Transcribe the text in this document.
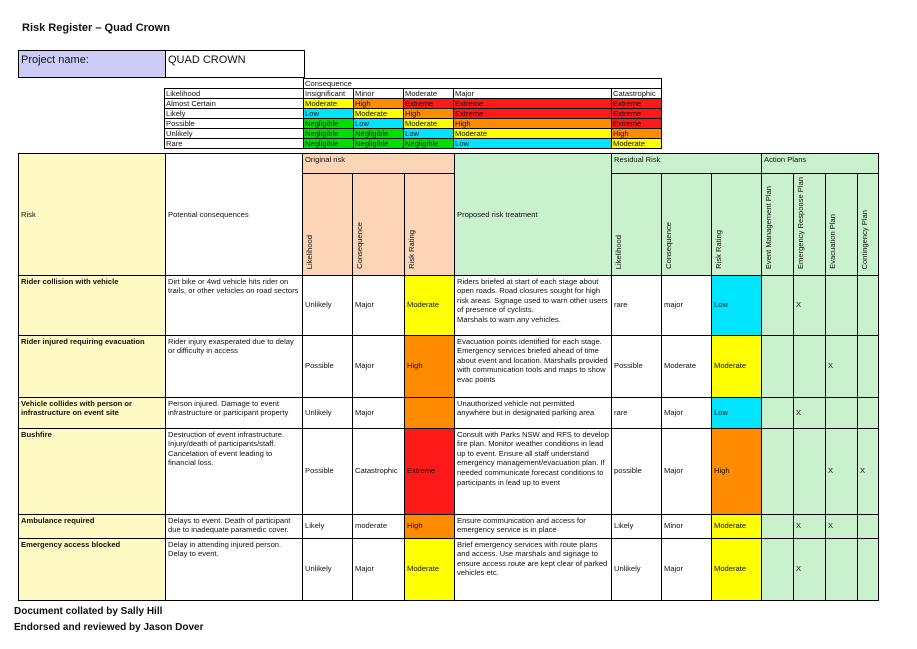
Risk Register – Quad Crown
Project name:	QUAD CROWN
	Consequence				
Likelihood	Insignificant	Minor	Moderate	Major	Catastrophic
Almost Certain	Moderate	High	Extreme	Extreme	Extreme
Likely	Low	Moderate	High	Extreme	Extreme
Possible	Negligible	Low	Moderate	High	Extreme
Unlikely	Negligible	Negligible	Low	Moderate	High
Rare	Negligible	Negligible	Negligible	Low	Moderate
Risk	Potential consequences	Original risk			Proposed risk treatment	Residual Risk			Action Plans			
		Likelihood	Consequence	Risk Rating		Likelihood	Consequence	Risk Rating	Event Management Plan	Emergency Response Plan	Evacuation Plan	Contingency Plan
Rider collision with vehicle	Dirt bike or 4wd vehicle hits rider on trails, or other vehicles on road sectors	Unlikely	Major	Moderate	Riders briefed at start of each stage about open roads. Road closures sought for high risk areas. Signage used to warn other users of presence of cyclists.
Marshals to warn any vehicles.	rare	major	Low		X		
Rider injured requiring evacuation	Rider injury exasperated due to delay or difficulty in access	Possible	Major	High	Evacuation points identified for each stage. Emergency services briefed ahead of time about event and location. Marshalls provided with communication tools and maps to show evac points	Possible	Moderate	Moderate			X	
Vehicle collides with person or infrastructure on event site	Person injured. Damage to event infrastructure or participant property	Unlikely	Major	High	Unauthorized vehicle not permitted anywhere but in designated parking area	rare	Major	Low		X		
Bushfire	Destruction of event infrastructure. Injury/death of participants/staff. Cancelation of event leading to financial loss.	Possible	Catastrophic	Extreme	Consult with Parks NSW and RFS to develop fire plan. Monitor weather conditions in lead up to event. Ensure all staff understand emergency management/evacuation plan. If needed communicate forecast conditions to participants in lead up to event	possible	Major	High			X	X
Ambulance required	Delays to event. Death of participant due to inadequate paramedic cover.	Likely	moderate	High	Ensure communication and access for emergency service is in place	Likely	Minor	Moderate		X	X	
Emergency access blocked	Delay in attending injured person. Delay to event.	Unlikely	Major	Moderate	Brief emergency services with route plans and access. Use marshals and signage to ensure access route are kept clear of parked vehicles etc.	Unlikely	Major	Moderate		X		
Document collated by Sally Hill
Endorsed and reviewed by Jason Dover
